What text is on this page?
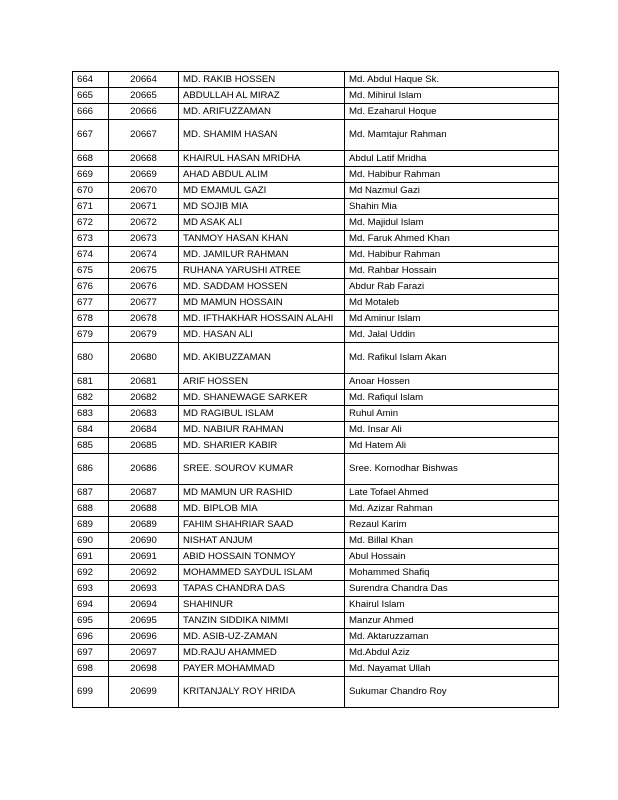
664	20664	MD. RAKIB HOSSEN	Md. Abdul Haque Sk.
665	20665	ABDULLAH AL MIRAZ	Md. Mihirul Islam
666	20666	MD. ARIFUZZAMAN	Md. Ezaharul Hoque
667	20667	MD. SHAMIM HASAN	Md. Mamtajur Rahman
668	20668	KHAIRUL HASAN MRIDHA	Abdul Latif Mridha
669	20669	AHAD ABDUL ALIM	Md. Habibur Rahman
670	20670	MD EMAMUL GAZI	Md Nazmul Gazi
671	20671	MD SOJIB MIA	Shahin Mia
672	20672	MD ASAK ALI	Md. Majidul Islam
673	20673	TANMOY HASAN KHAN	Md. Faruk Ahmed Khan
674	20674	MD. JAMILUR RAHMAN	Md. Habibur Rahman
675	20675	RUHANA YARUSHI ATREE	Md. Rahbar Hossain
676	20676	MD. SADDAM HOSSEN	Abdur Rab Farazi
677	20677	MD MAMUN HOSSAIN	Md Motaleb
678	20678	MD. IFTHAKHAR HOSSAIN ALAHI	Md Aminur Islam
679	20679	MD. HASAN ALI	Md. Jalal Uddin
680	20680	MD. AKIBUZZAMAN	Md. Rafikul Islam Akan
681	20681	ARIF HOSSEN	Anoar Hossen
682	20682	MD. SHANEWAGE SARKER	Md. Rafiqul Islam
683	20683	MD RAGIBUL ISLAM	Ruhul Amin
684	20684	MD. NABIUR RAHMAN	Md. Insar Ali
685	20685	MD. SHARIER KABIR	Md Hatem Ali
686	20686	SREE. SOUROV KUMAR	Sree. Kornodhar Bishwas
687	20687	MD MAMUN UR RASHID	Late Tofael Ahmed
688	20688	MD. BIPLOB MIA	Md. Azizar Rahman
689	20689	FAHIM SHAHRIAR SAAD	Rezaul Karim
690	20690	NISHAT ANJUM	Md. Billal Khan
691	20691	ABID HOSSAIN TONMOY	Abul Hossain
692	20692	MOHAMMED SAYDUL ISLAM	Mohammed Shafiq
693	20693	TAPAS CHANDRA DAS	Surendra Chandra Das
694	20694	SHAHINUR	Khairul Islam
695	20695	TANZIN SIDDIKA NIMMI	Manzur Ahmed
696	20696	MD. ASIB-UZ-ZAMAN	Md. Aktaruzzaman
697	20697	MD.RAJU AHAMMED	Md.Abdul Aziz
698	20698	PAYER MOHAMMAD	Md. Nayamat Ullah
699	20699	KRITANJALY ROY HRIDA	Sukumar Chandro Roy
